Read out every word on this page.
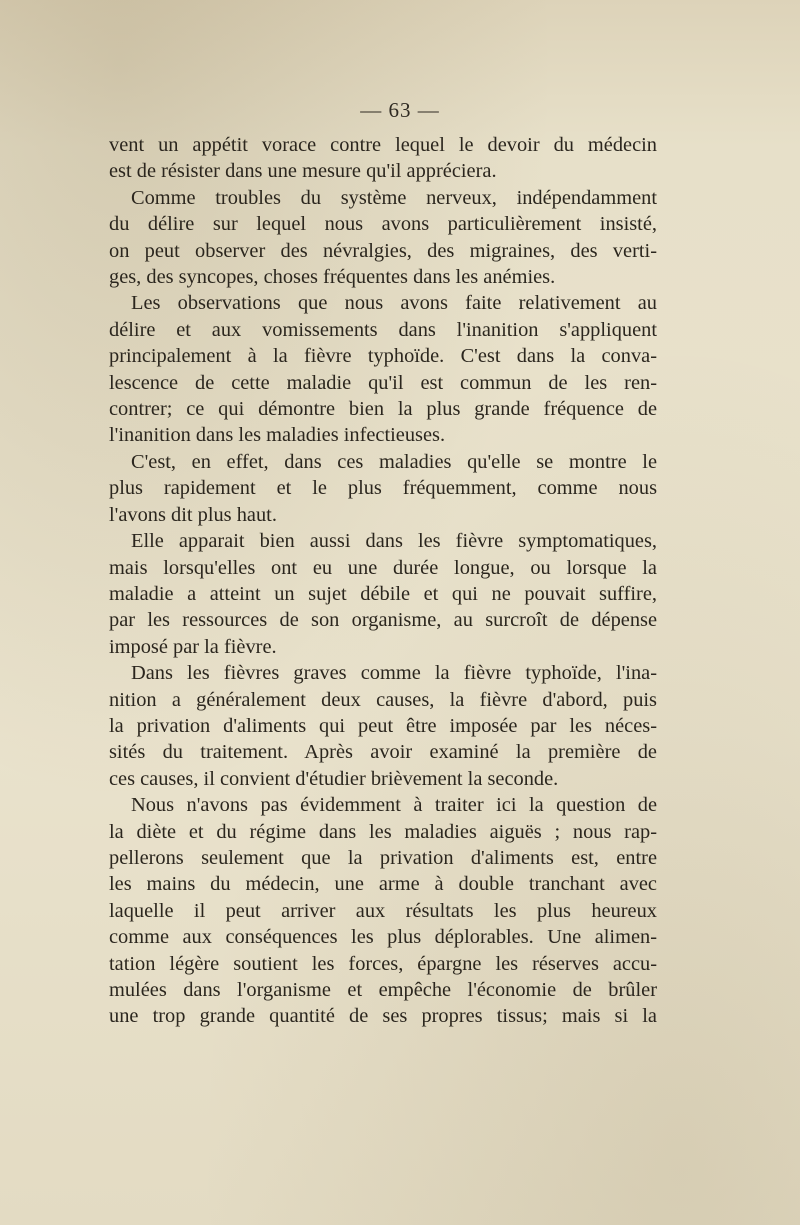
— 63 —
vent un appétit vorace contre lequel le devoir du médecin
est de résister dans une mesure qu'il appréciera.
Comme troubles du système nerveux, indépendamment
du délire sur lequel nous avons particulièrement insisté,
on peut observer des névralgies, des migraines, des verti-
ges, des syncopes, choses fréquentes dans les anémies.
Les observations que nous avons faite relativement au
délire et aux vomissements dans l'inanition s'appliquent
principalement à la fièvre typhoïde. C'est dans la conva-
lescence de cette maladie qu'il est commun de les ren-
contrer; ce qui démontre bien la plus grande fréquence de
l'inanition dans les maladies infectieuses.
C'est, en effet, dans ces maladies qu'elle se montre le
plus rapidement et le plus fréquemment, comme nous
l'avons dit plus haut.
Elle apparait bien aussi dans les fièvre symptomatiques,
mais lorsqu'elles ont eu une durée longue, ou lorsque la
maladie a atteint un sujet débile et qui ne pouvait suffire,
par les ressources de son organisme, au surcroît de dépense
imposé par la fièvre.
Dans les fièvres graves comme la fièvre typhoïde, l'ina-
nition a généralement deux causes, la fièvre d'abord, puis
la privation d'aliments qui peut être imposée par les néces-
sités du traitement. Après avoir examiné la première de
ces causes, il convient d'étudier brièvement la seconde.
Nous n'avons pas évidemment à traiter ici la question de
la diète et du régime dans les maladies aiguës ; nous rap-
pellerons seulement que la privation d'aliments est, entre
les mains du médecin, une arme à double tranchant avec
laquelle il peut arriver aux résultats les plus heureux
comme aux conséquences les plus déplorables. Une alimen-
tation légère soutient les forces, épargne les réserves accu-
mulées dans l'organisme et empêche l'économie de brûler
une trop grande quantité de ses propres tissus; mais si la
